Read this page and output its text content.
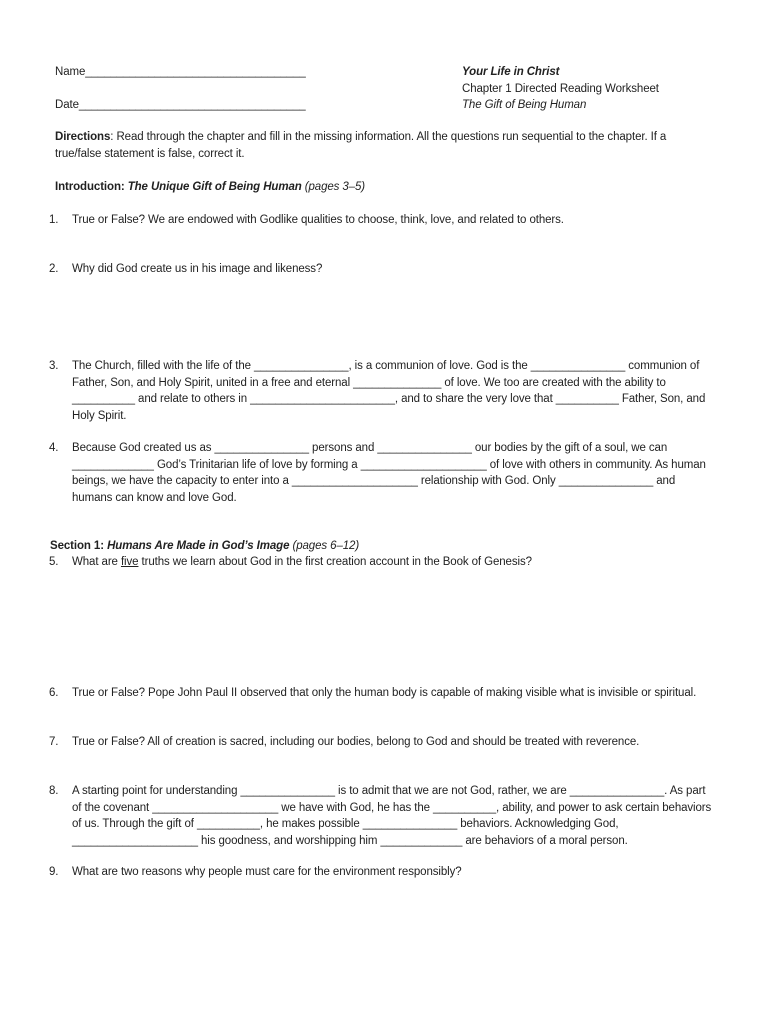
Name___________________________________
Date____________________________________
Your Life in Christ
Chapter 1 Directed Reading Worksheet
The Gift of Being Human
Directions: Read through the chapter and fill in the missing information. All the questions run sequential to the chapter. If a true/false statement is false, correct it.
Introduction: The Unique Gift of Being Human (pages 3–5)
1.	True or False? We are endowed with Godlike qualities to choose, think, love, and related to others.
2.	Why did God create us in his image and likeness?
3.	The Church, filled with the life of the _______________, is a communion of love. God is the _______________ communion of Father, Son, and Holy Spirit, united in a free and eternal ______________ of love. We too are created with the ability to __________ and relate to others in _______________________, and to share the very love that __________ Father, Son, and Holy Spirit.
4.	Because God created us as _______________ persons and _______________ our bodies by the gift of a soul, we can _____________ God’s Trinitarian life of love by forming a ____________________ of love with others in community. As human beings, we have the capacity to enter into a ____________________ relationship with God. Only _______________ and humans can know and love God.
Section 1: Humans Are Made in God’s Image (pages 6–12)
5.	What are five truths we learn about God in the first creation account in the Book of Genesis?
6.	True or False? Pope John Paul II observed that only the human body is capable of making visible what is invisible or spiritual.
7.	True or False? All of creation is sacred, including our bodies, belong to God and should be treated with reverence.
8.	A starting point for understanding _______________ is to admit that we are not God, rather, we are _______________. As part of the covenant ____________________ we have with God, he has the __________, ability, and power to ask certain behaviors of us. Through the gift of __________, he makes possible _______________ behaviors. Acknowledging God, ____________________ his goodness, and worshipping him _____________ are behaviors of a moral person.
9.	What are two reasons why people must care for the environment responsibly?
